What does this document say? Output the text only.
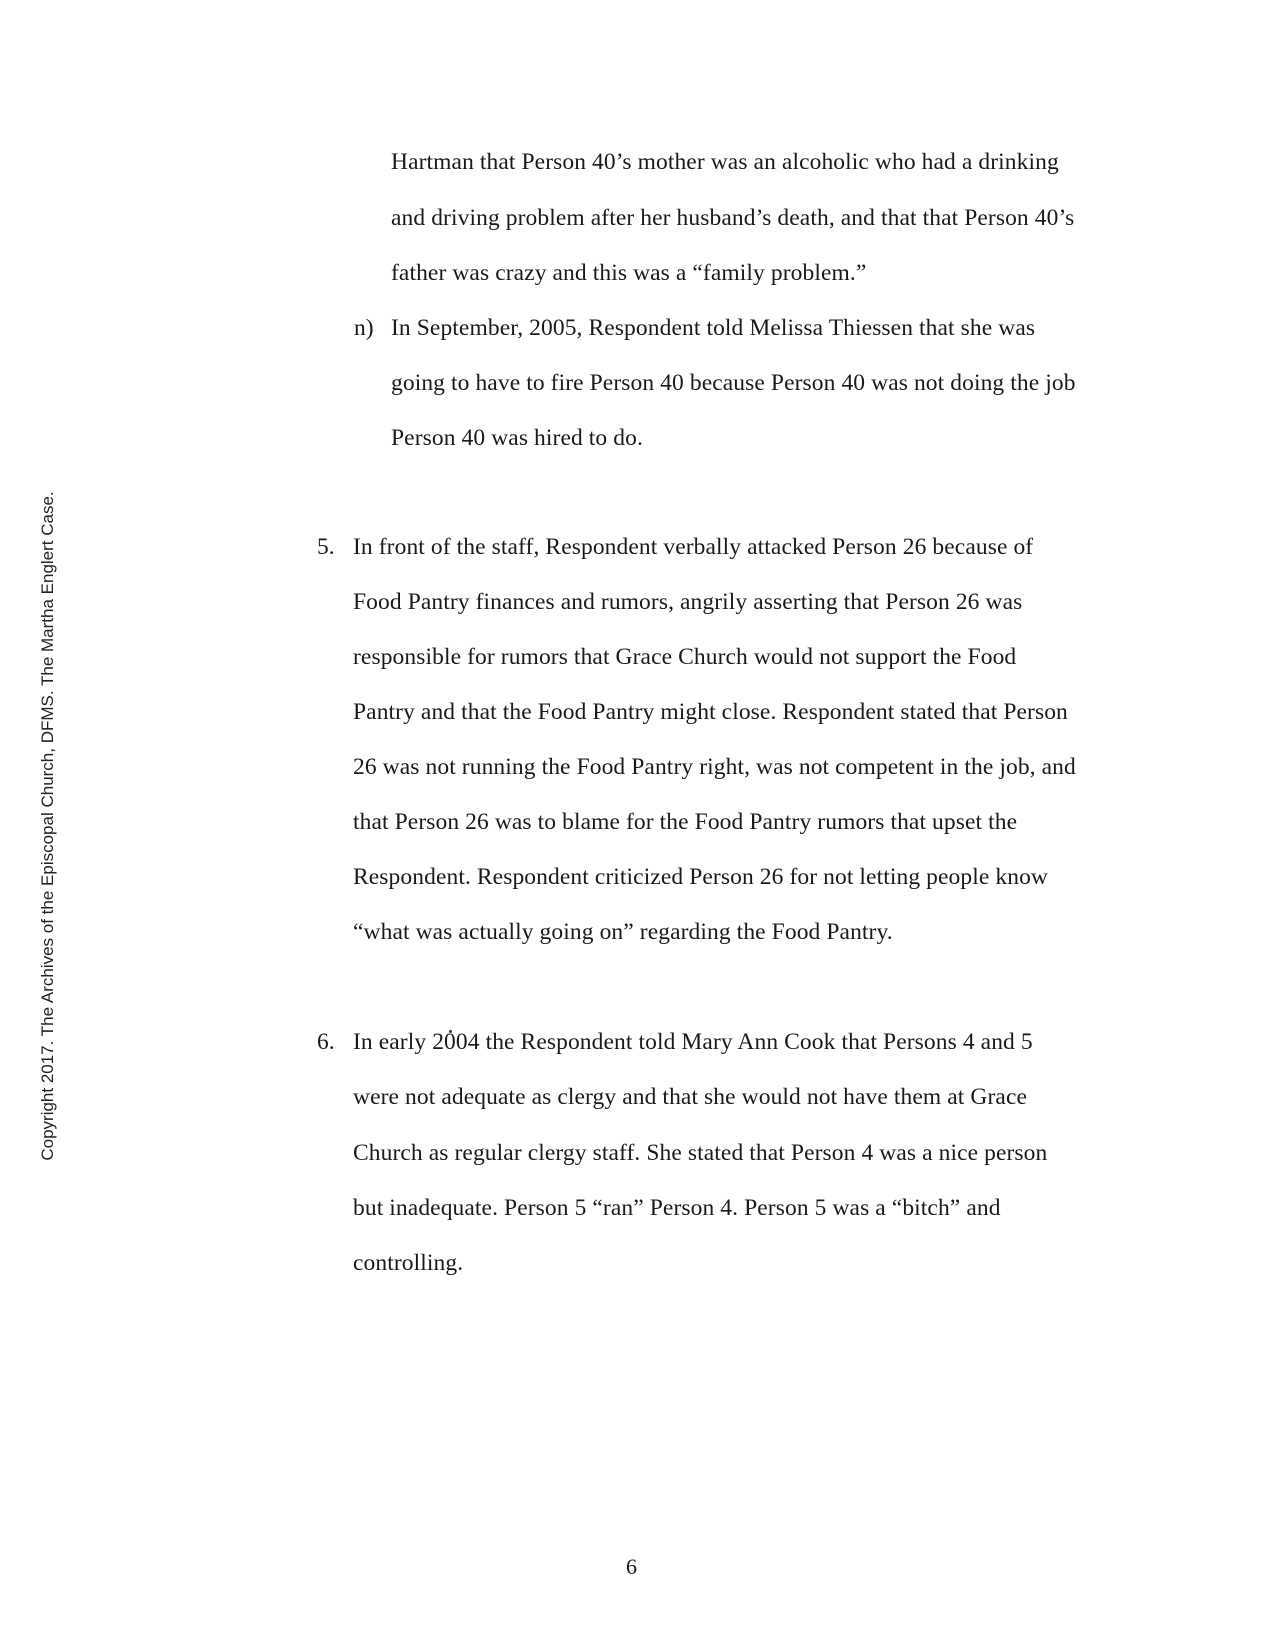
Copyright 2017. The Archives of the Episcopal Church, DFMS. The Martha Englert Case.
Hartman that Person 40’s mother was an alcoholic who had a drinking
and driving problem after her husband’s death, and that that Person 40’s
father was crazy and this was a “family problem.”
n) In September, 2005, Respondent told Melissa Thiessen that she was
going to have to fire Person 40 because Person 40 was not doing the job
Person 40 was hired to do.
5. In front of the staff, Respondent verbally attacked Person 26 because of
Food Pantry finances and rumors, angrily asserting that Person 26 was
responsible for rumors that Grace Church would not support the Food
Pantry and that the Food Pantry might close. Respondent stated that Person
26 was not running the Food Pantry right, was not competent in the job, and
that Person 26 was to blame for the Food Pantry rumors that upset the
Respondent. Respondent criticized Person 26 for not letting people know
“what was actually going on” regarding the Food Pantry.
6. In early 2004 the Respondent told Mary Ann Cook that Persons 4 and 5
were not adequate as clergy and that she would not have them at Grace
Church as regular clergy staff. She stated that Person 4 was a nice person
but inadequate. Person 5 “ran” Person 4. Person 5 was a “bitch” and
controlling.
6
